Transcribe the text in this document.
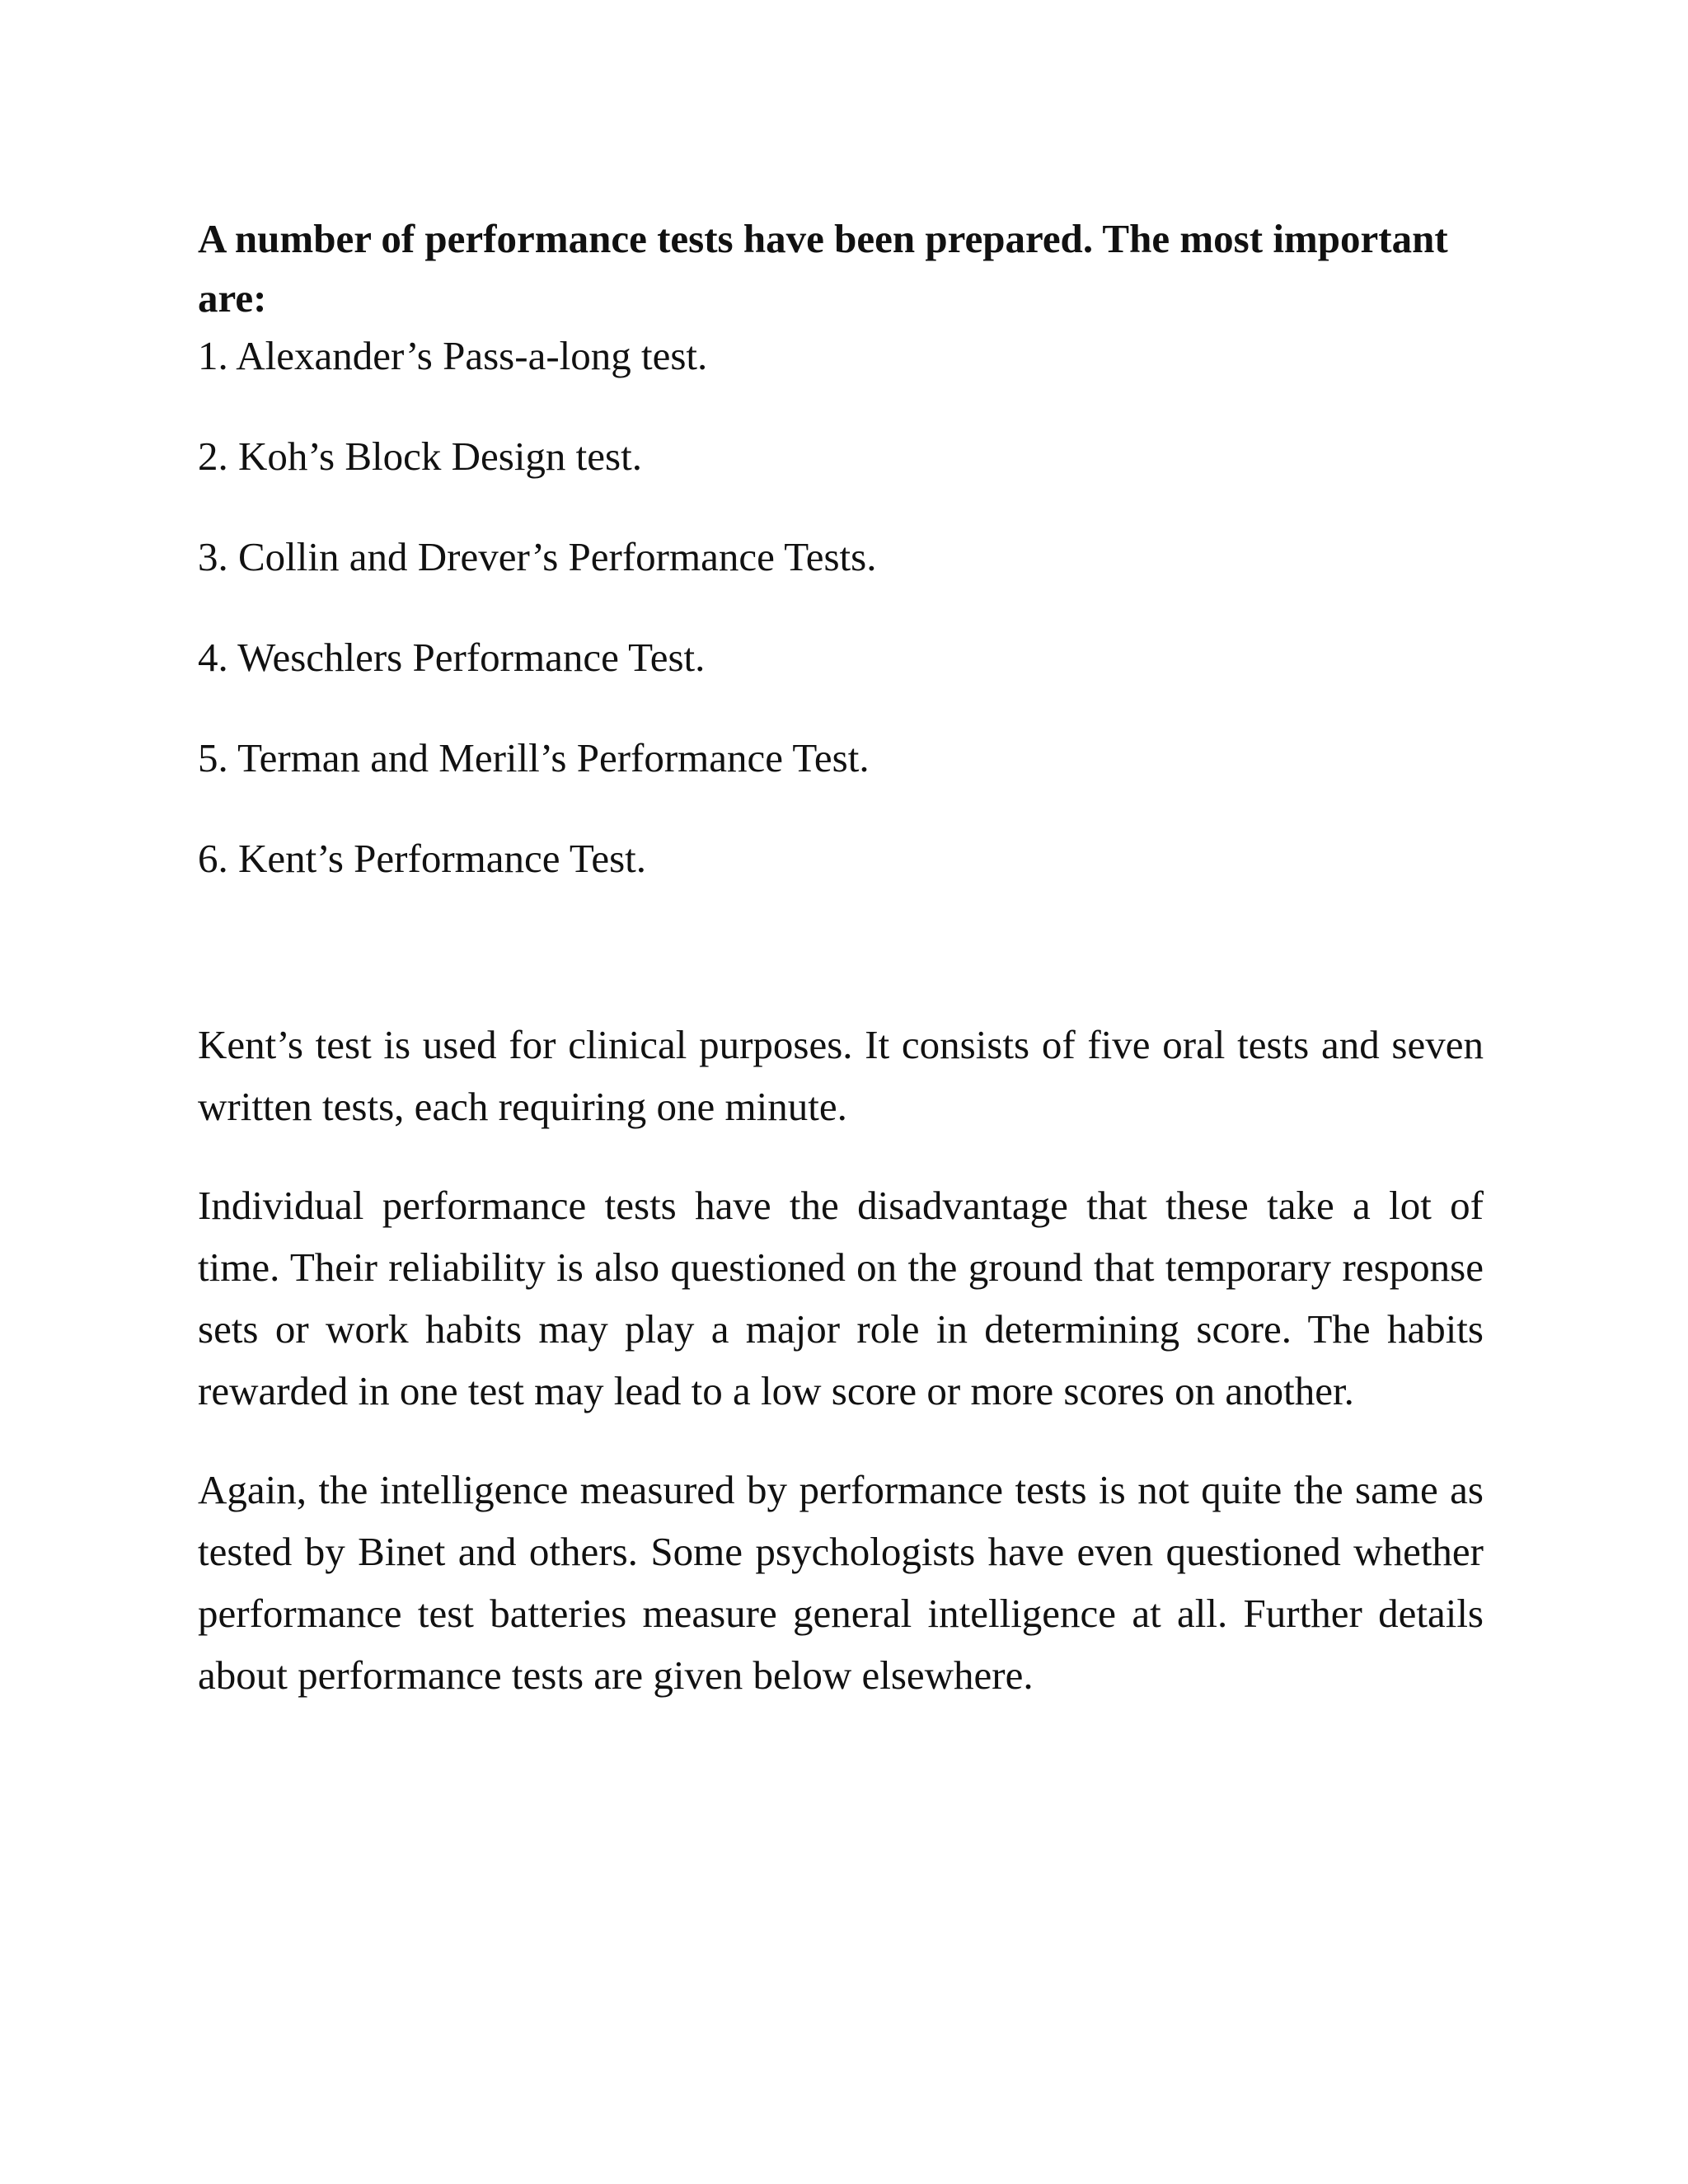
A number of performance tests have been prepared. The most important are:

1. Alexander’s Pass-a-long test.
2. Koh’s Block Design test.
3. Collin and Drever’s Performance Tests.
4. Weschlers Performance Test.
5. Terman and Merill’s Performance Test.
6. Kent’s Performance Test.

Kent’s test is used for clinical purposes. It consists of five oral tests and seven written tests, each requiring one minute.

Individual performance tests have the disadvantage that these take a lot of time. Their reliability is also questioned on the ground that temporary response sets or work habits may play a major role in determining score. The habits rewarded in one test may lead to a low score or more scores on another.

Again, the intelligence measured by performance tests is not quite the same as tested by Binet and others. Some psychologists have even questioned whether performance test batteries measure general intelligence at all. Further details about performance tests are given below elsewhere.
